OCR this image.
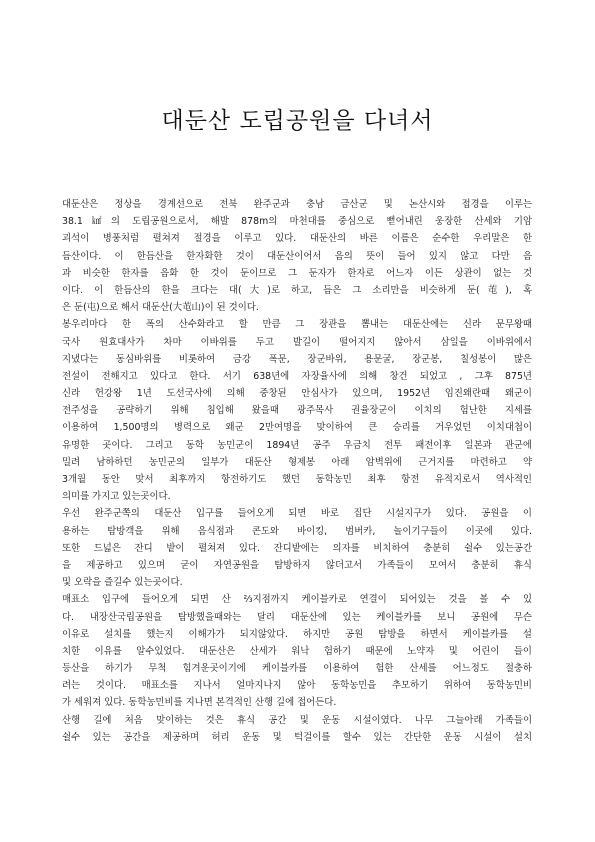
대둔산 도립공원을 다녀서
대둔산은 정상을 경계선으로 전북 완주군과 충남 금산군 및 논산시와 접경을 이루는
38.1㎢의 도립공원으로서, 해발 878m의 마천대를 중심으로 뻗어내린 웅장한 산세와 기암
괴석이 병풍처럼 펼쳐져 절경을 이루고 있다. 대둔산의 바른 이름은 순수한 우리말은 한
듬산이다. 이 한듬산을 한자화한 것이 대둔산이어서 음의 뜻이 들어 있지 않고 다만 음
과 비슷한 한자를 음화 한 것이 둔이므로 그 둔자가 한자로 어느자 이든 상관이 없는 것
이다. 이 한듬산의 한을 크다는 대(大)로 하고, 듬은 그 소리만을 비슷하게 둔(芚), 혹
은 둔(屯)으로 해서 대둔산(大芚山)이 된 것이다.
봉우리마다 한 폭의 산수화라고 할 만큼 그 장관을 뽐내는 대둔산에는 신라 문무왕때
국사 원효대사가 차마 이바위를 두고 발길이 떨어지지 않아서 삼일을 이바위에서
지냈다는 동심바위를 비롯하여 금강 폭문, 장군바위, 용문굴, 장군봉, 칠성봉이 많은
전설이 전해지고 있다고 한다. 서기 638년에 자장율사에 의해 창건 되었고 , 그후 875년
신라 헌강왕 1년 도선국사에 의해 중창된 안심사가 있으며, 1952년 임진왜란때 왜군이
전주성을 공략하기 위해 침입해 왔을때 광주목사 권율장군이 이치의 험난한 지세를
이용하여 1,500명의 병력으로 왜군 2만여명을 맞이하여 큰 승리를 거우었던 이치대첩이
유명한 곳이다. 그리고 동학 농민군이 1894년 공주 우금치 전투 패전이후 일본과 관군에
밀려 남하하던 농민군의 일부가 대둔산 형제봉 아래 암벽위에 근거지를 마련하고 약
3개월 동안 맞서 최후까지 항전하기도 했던 동학농민 최후 항전 유적지로서 역사적인
의미를 가지고 있는곳이다.
우선 완주군쪽의 대둔산 입구를 들어오게 되면 바로 집단 시설지구가 있다. 공원을 이
용하는 탐방객을 위해 음식점과 콘도와 바이킹, 범버카, 놀이기구들이 이곳에 있다.
또한 드넓은 잔디 밭이 펼쳐져 있다. 잔디밭에는 의자를 비치하여 충분히 쉴수 있는공간
을 제공하고 있으며 굳이 자연공원을 탐방하지 않더고서 가족들이 모여서 충분히 휴식
및 오락을 즐길수 있는곳이다.
매표소 입구에 들어오게 되면 산 ⅔지점까지 케이블카로 연결이 되어있는 것을 볼 수 있
다. 내장산국립공원을 탐방했을때와는 달리 대둔산에 있는 케이블카를 보니 공원에 무슨
이유로 설치를 했는지 이해가가 되지않았다. 하지만 공원 탐방을 하면서 케이블카를 설
치한 이유를 알수있었다. 대둔산은 산세가 워낙 험하기 때문에 노약자 및 어린이 들이
등산을 하기가 무척 힘겨운곳이기에 케이블카를 이용하여 험한 산세를 어느정도 절충하
려는 것이다. 매표소를 지나서 얼마지나지 않아 동학농민을 추모하기 위하여 동학농민비
가 세워져 있다. 동학농민비를 지나면 본격적인 산행 길에 접어든다.
산행 길에 처음 맞이하는 것은 휴식 공간 및 운동 시설이였다. 나무 그늘아래 가족들이
쉴수 있는 공간을 제공하며 허리 운동 및 턱걸이를 할수 있는 간단한 운동 시설이 설치
